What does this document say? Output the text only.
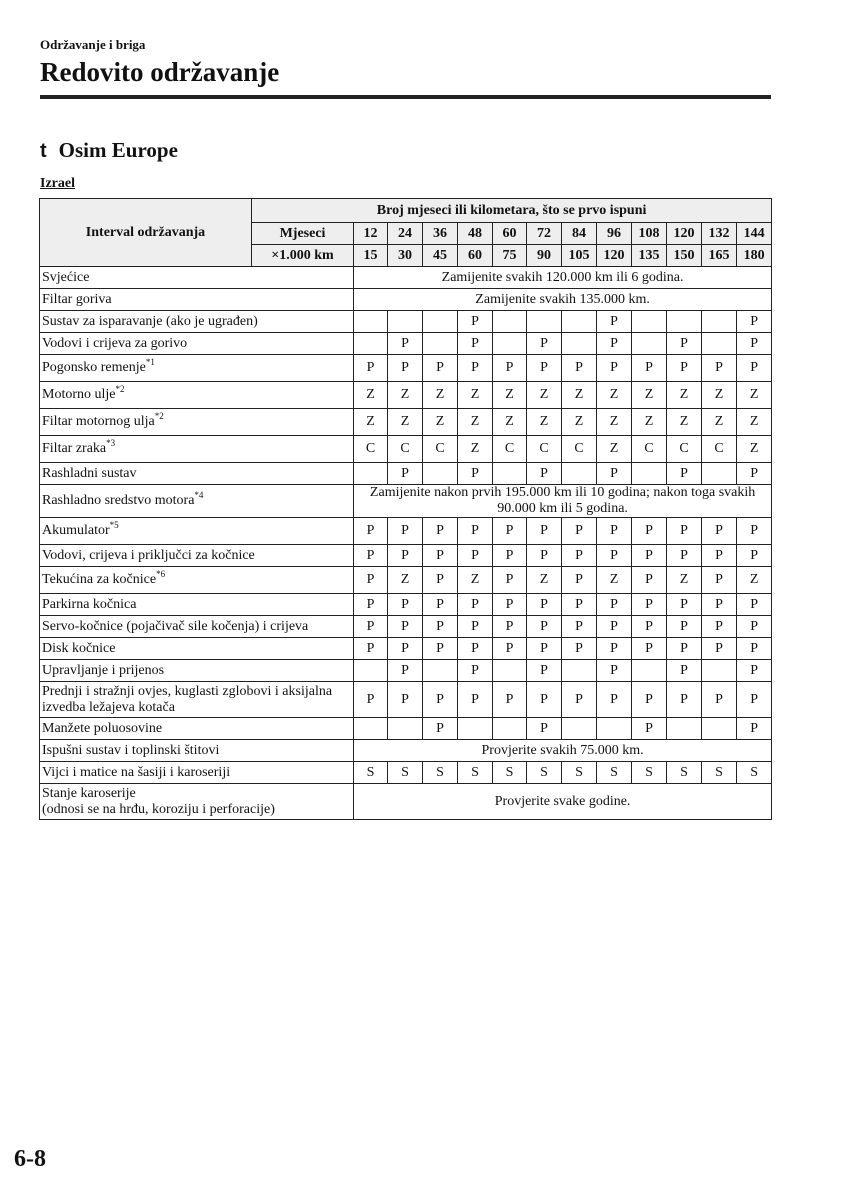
Održavanje i briga
Redovito održavanje
t Osim Europe
Izrael
Interval održavanja	Broj mjeseci ili kilometara, što se prvo ispuni												
	Mjeseci	12	24	36	48	60	72	84	96	108	120	132	144
	×1.000 km	15	30	45	60	75	90	105	120	135	150	165	180
Svjećice		Zamijenite svakih 120.000 km ili 6 godina.											
Filtar goriva		Zamijenite svakih 135.000 km.											
Sustav za isparavanje (ako je ugrađen)					P				P				P
Vodovi i crijeva za gorivo			P		P		P		P		P		P
Pogonsko remenje$^{*1}$		P	P	P	P	P	P	P	P	P	P	P	P
Motorno ulje$^{*2}$		Z	Z	Z	Z	Z	Z	Z	Z	Z	Z	Z	Z
Filtar motornog ulja$^{*2}$		Z	Z	Z	Z	Z	Z	Z	Z	Z	Z	Z	Z
Filtar zraka$^{*3}$		C	C	C	Z	C	C	C	Z	C	C	C	Z
Rashladni sustav			P		P		P		P		P		P
Rashladno sredstvo motora$^{*4}$		Zamijenite nakon prvih 195.000 km ili 10 godina; nakon toga svakih 90.000 km ili 5 godina.											
Akumulator$^{*5}$		P	P	P	P	P	P	P	P	P	P	P	P
Vodovi, crijeva i priključci za kočnice		P	P	P	P	P	P	P	P	P	P	P	P
Tekućina za kočnice$^{*6}$		P	Z	P	Z	P	Z	P	Z	P	Z	P	Z
Parkirna kočnica		P	P	P	P	P	P	P	P	P	P	P	P
Servo-kočnice (pojačivač sile kočenja) i crijeva		P	P	P	P	P	P	P	P	P	P	P	P
Disk kočnice		P	P	P	P	P	P	P	P	P	P	P	P
Upravljanje i prijenos			P		P		P		P		P		P
Prednji i stražnji ovjes, kuglasti zglobovi i aksijalna izvedba ležajeva kotača		P	P	P	P	P	P	P	P	P	P	P	P
Manžete poluosovine				P			P			P			P
Ispušni sustav i toplinski štitovi		Provjerite svakih 75.000 km.											
Vijci i matice na šasiji i karoseriji		S	S	S	S	S	S	S	S	S	S	S	S
Stanje karoserije
(odnosi se na hrđu, koroziju i perforacije)		Provjerite svake godine.											
6-8
